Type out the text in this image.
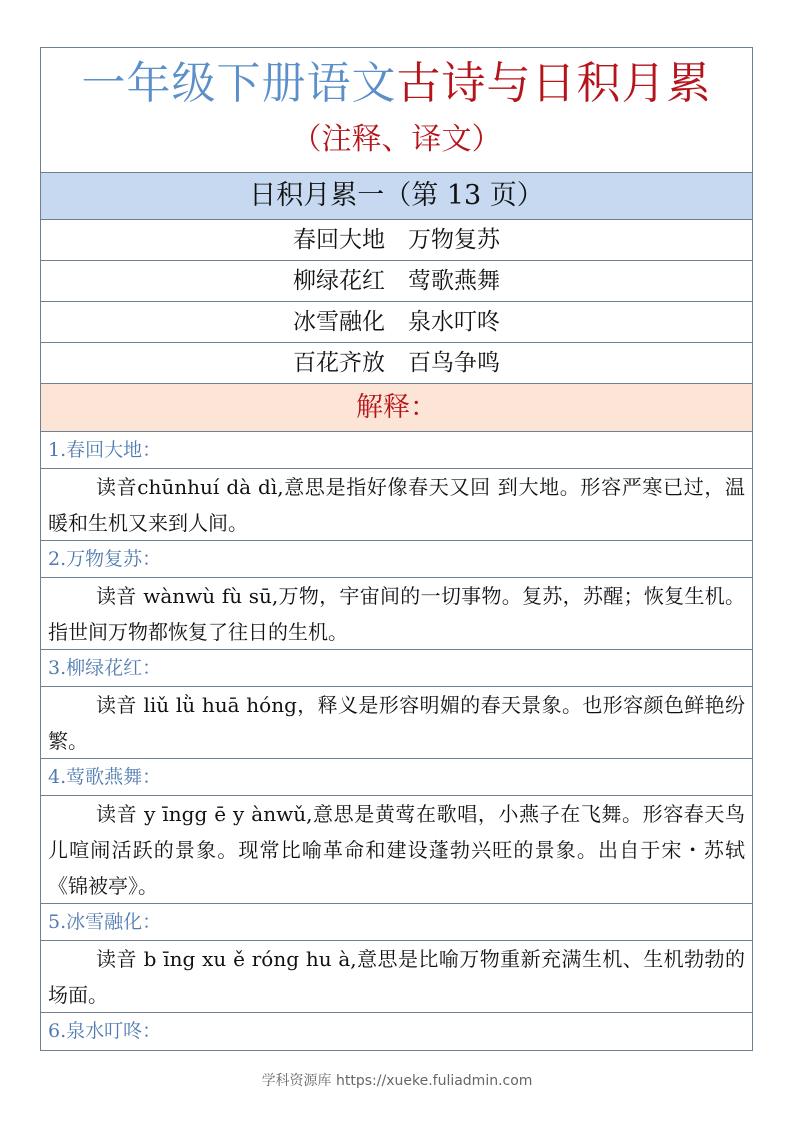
一年级下册语文古诗与日积月累
（注释、译文）
日积月累一（第 13 页）
春回大地　万物复苏
柳绿花红　莺歌燕舞
冰雪融化　泉水叮咚
百花齐放　百鸟争鸣
解释：
1.春回大地：
读音chūnhuí dà dì,意思是指好像春天又回 到大地。形容严寒已过，温暖和生机又来到人间。
2.万物复苏：
读音 wànwù fù sū,万物，宇宙间的一切事物。复苏，苏醒；恢复生机。指世间万物都恢复了往日的生机。
3.柳绿花红：
读音 liǔ lǜ huā hóng，释义是形容明媚的春天景象。也形容颜色鲜艳纷繁。
4.莺歌燕舞：
读音 y īngg ē y ànwǔ,意思是黄莺在歌唱，小燕子在飞舞。形容春天鸟儿喧闹活跃的景象。现常比喻革命和建设蓬勃兴旺的景象。出自于宋・苏轼《锦被亭》。
5.冰雪融化：
读音 b īng xu ě róng hu à,意思是比喻万物重新充满生机、生机勃勃的场面。
6.泉水叮咚：
学科资源库 https://xueke.fuliadmin.com
